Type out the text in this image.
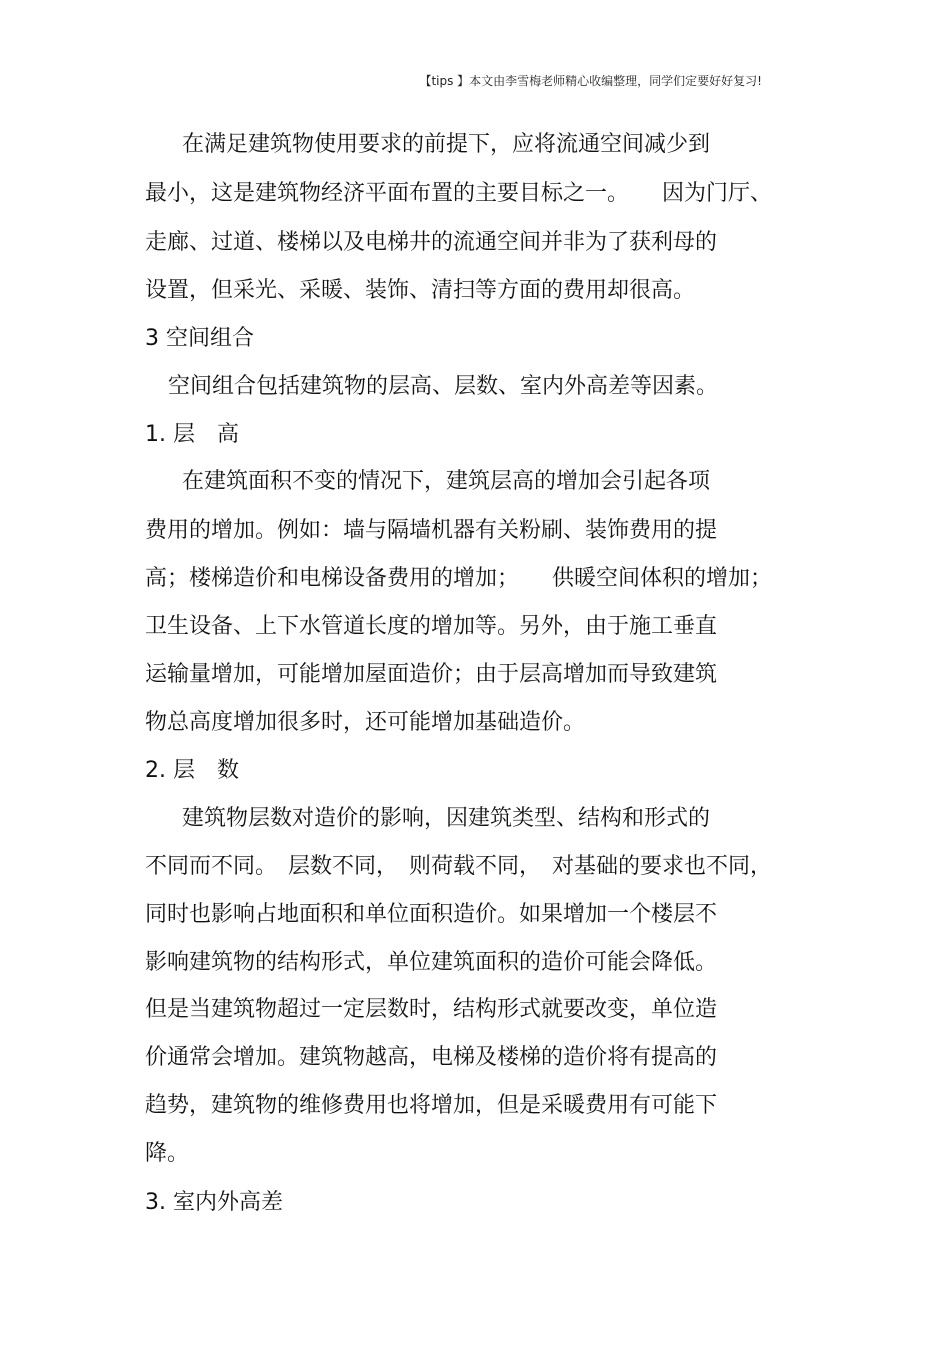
【tips 】本文由李雪梅老师精心收编整理，同学们定要好好复习!
在满足建筑物使用要求的前提下，应将流通空间减少到
最小，这是建筑物经济平面布置的主要目标之一。　　因为门厅、
走廊、过道、楼梯以及电梯井的流通空间并非为了获利母的
设置，但采光、采暖、装饰、清扫等方面的费用却很高。
3 空间组合
空间组合包括建筑物的层高、层数、室内外高差等因素。
1. 层　高
在建筑面积不变的情况下，建筑层高的增加会引起各项
费用的增加。例如：墙与隔墙机器有关粉刷、装饰费用的提
高；楼梯造价和电梯设备费用的增加；　　供暖空间体积的增加；
卫生设备、上下水管道长度的增加等。另外，由于施工垂直
运输量增加，可能增加屋面造价；由于层高增加而导致建筑
物总高度增加很多时，还可能增加基础造价。
2. 层　数
建筑物层数对造价的影响，因建筑类型、结构和形式的
不同而不同。　层数不同，　则荷载不同，　对基础的要求也不同，
同时也影响占地面积和单位面积造价。如果增加一个楼层不
影响建筑物的结构形式，单位建筑面积的造价可能会降低。
但是当建筑物超过一定层数时，结构形式就要改变，单位造
价通常会增加。建筑物越高，电梯及楼梯的造价将有提高的
趋势，建筑物的维修费用也将增加，但是采暖费用有可能下
降。
3. 室内外高差
